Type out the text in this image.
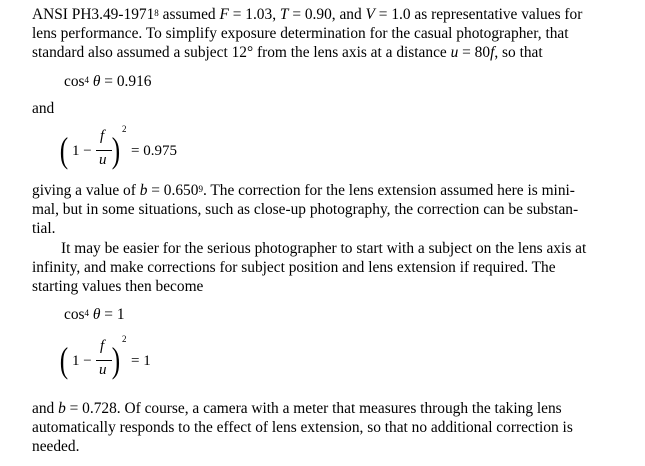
ANSI PH3.49-1971$^8$ assumed F = 1.03, T = 0.90, and V = 1.0 as representative values for
lens performance. To simplify exposure determination for the casual photographer, that
standard also assumed a subject 12° from the lens axis at a distance u = 80f, so that
$\cos^4 \theta = 0.916$
and
( 1 −
f
u )
2
= 0.975
giving a value of $b = 0.650^9$. The correction for the lens extension assumed here is mini-
mal, but in some situations, such as close-up photography, the correction can be substan-
tial.
It may be easier for the serious photographer to start with a subject on the lens axis at
infinity, and make corrections for subject position and lens extension if required. The
starting values then become
$\cos^4 \theta = 1$
( 1 −
f
u )
2
= 1
and b = 0.728. Of course, a camera with a meter that measures through the taking lens
automatically responds to the effect of lens extension, so that no additional correction is
needed.
